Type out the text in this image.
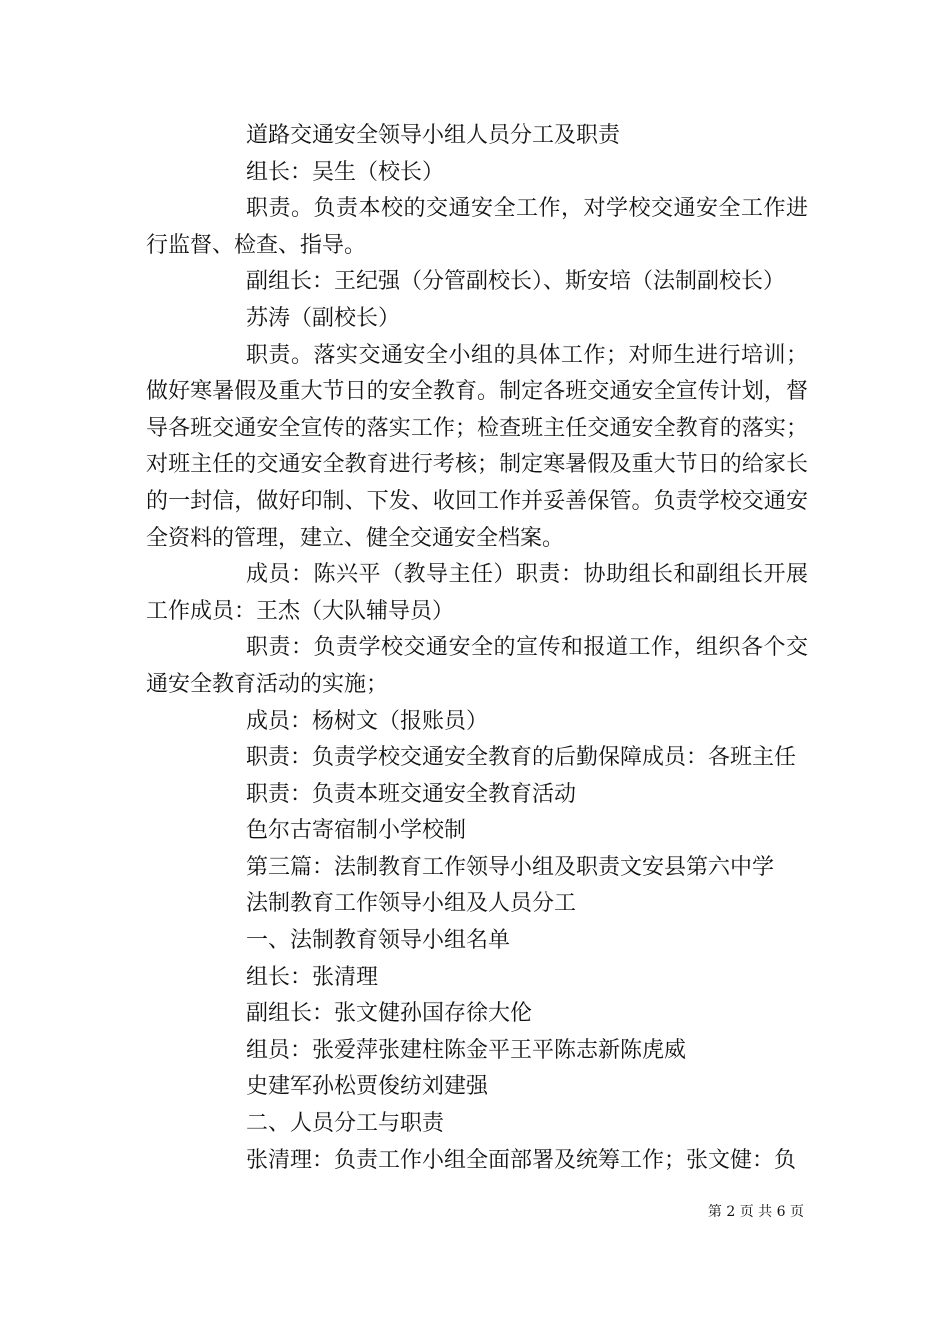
道路交通安全领导小组人员分工及职责

组长：吴生（校长）

职责。负责本校的交通安全工作，对学校交通安全工作进行监督、检查、指导。

副组长：王纪强（分管副校长）、斯安培（法制副校长）

苏涛（副校长）

职责。落实交通安全小组的具体工作；对师生进行培训；做好寒暑假及重大节日的安全教育。制定各班交通安全宣传计划，督导各班交通安全宣传的落实工作；检查班主任交通安全教育的落实；对班主任的交通安全教育进行考核；制定寒暑假及重大节日的给家长的一封信，做好印制、下发、收回工作并妥善保管。负责学校交通安全资料的管理，建立、健全交通安全档案。

成员：陈兴平（教导主任）职责：协助组长和副组长开展工作成员：王杰（大队辅导员）

职责：负责学校交通安全的宣传和报道工作，组织各个交通安全教育活动的实施；

成员：杨树文（报账员）

职责：负责学校交通安全教育的后勤保障成员：各班主任

职责：负责本班交通安全教育活动

色尔古寄宿制小学校制

第三篇：法制教育工作领导小组及职责文安县第六中学

法制教育工作领导小组及人员分工

一、法制教育领导小组名单

组长：张清理

副组长：张文健孙国存徐大伦

组员：张爱萍张建柱陈金平王平陈志新陈虎威

史建军孙松贾俊纺刘建强

二、人员分工与职责

张清理：负责工作小组全面部署及统筹工作；张文健：负

第 2 页 共 6 页
